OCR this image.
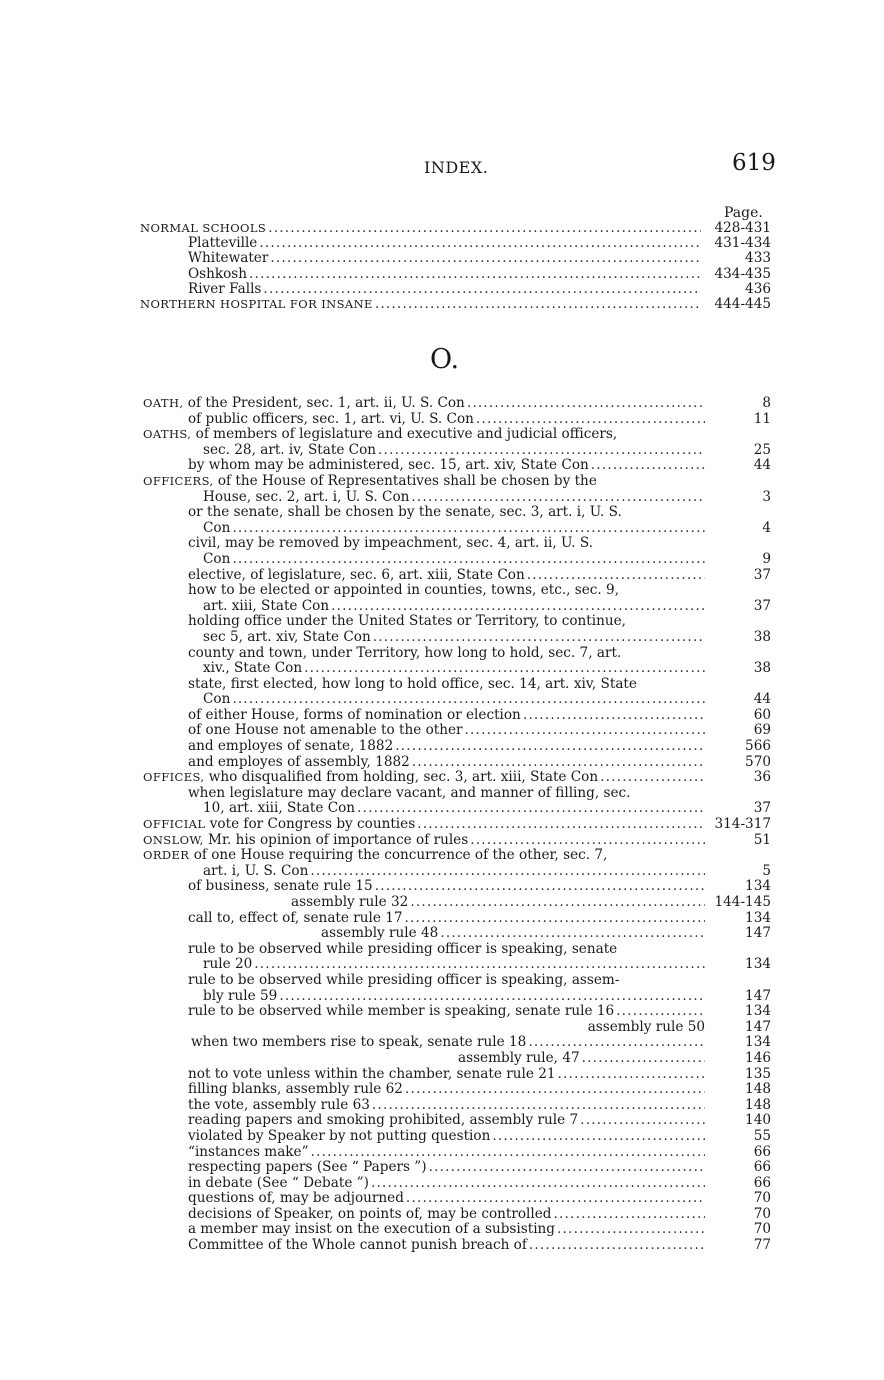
INDEX.	619
Page.
NORMAL SCHOOLS .....	428-431
Platteville .....	431-434
Whitewater .....	433
Oshkosh .....	434-435
River Falls .....	436
NORTHERN HOSPITAL FOR INSANE .....	444-445
O.
OATH, of the President, sec. 1, art. ii, U. S. Con .....	8
of public officers, sec. 1, art. vi, U. S. Con .....	11
OATHS, of members of legislature and executive and judicial officers,
sec. 28, art. iv, State Con .....	25
by whom may be administered, sec. 15, art. xiv, State Con .....	44
OFFICERS, of the House of Representatives shall be chosen by the
House, sec. 2, art. i, U. S. Con .....	3
or the senate, shall be chosen by the senate, sec. 3, art. i, U. S.
Con .....	4
civil, may be removed by impeachment, sec. 4, art. ii, U. S.
Con .....	9
elective, of legislature, sec. 6, art. xiii, State Con .....	37
how to be elected or appointed in counties, towns, etc., sec. 9,
art. xiii, State Con .....	37
holding office under the United States or Territory, to continue,
sec 5, art. xiv, State Con .....	38
county and town, under Territory, how long to hold, sec. 7, art.
xiv., State Con .....	38
state, first elected, how long to hold office, sec. 14, art. xiv, State
Con .....	44
of either House, forms of nomination or election .....	60
of one House not amenable to the other .....	69
and employes of senate, 1882 .....	566
and employes of assembly, 1882 .....	570
OFFICES, who disqualified from holding, sec. 3, art. xiii, State Con .....	36
when legislature may declare vacant, and manner of filling, sec.
10, art. xiii, State Con .....	37
OFFICIAL vote for Congress by counties .....	314-317
ONSLOW, Mr. his opinion of importance of rules .....	51
ORDER of one House requiring the concurrence of the other, sec. 7,
art. i, U. S. Con .....	5
of business, senate rule 15 .....	134
assembly rule 32 .....	144-145
call to, effect of, senate rule 17 .....	134
assembly rule 48 .....	147
rule to be observed while presiding officer is speaking, senate
rule 20 .....	134
rule to be observed while presiding officer is speaking, assem-
bly rule 59 .....	147
rule to be observed while member is speaking, senate rule 16 .....	134
assembly rule 50	147
when two members rise to speak, senate rule 18 .....	134
assembly rule, 47 .....	146
not to vote unless within the chamber, senate rule 21 .....	135
filling blanks, assembly rule 62 .....	148
the vote, assembly rule 63 .....	148
reading papers and smoking prohibited, assembly rule 7 .....	140
violated by Speaker by not putting question .....	55
“instances make” .....	66
respecting papers (See “ Papers ”) .....	66
in debate (See “ Debate ”) .....	66
questions of, may be adjourned .....	70
decisions of Speaker, on points of, may be controlled .....	70
a member may insist on the execution of a subsisting .....	70
Committee of the Whole cannot punish breach of .....	77
